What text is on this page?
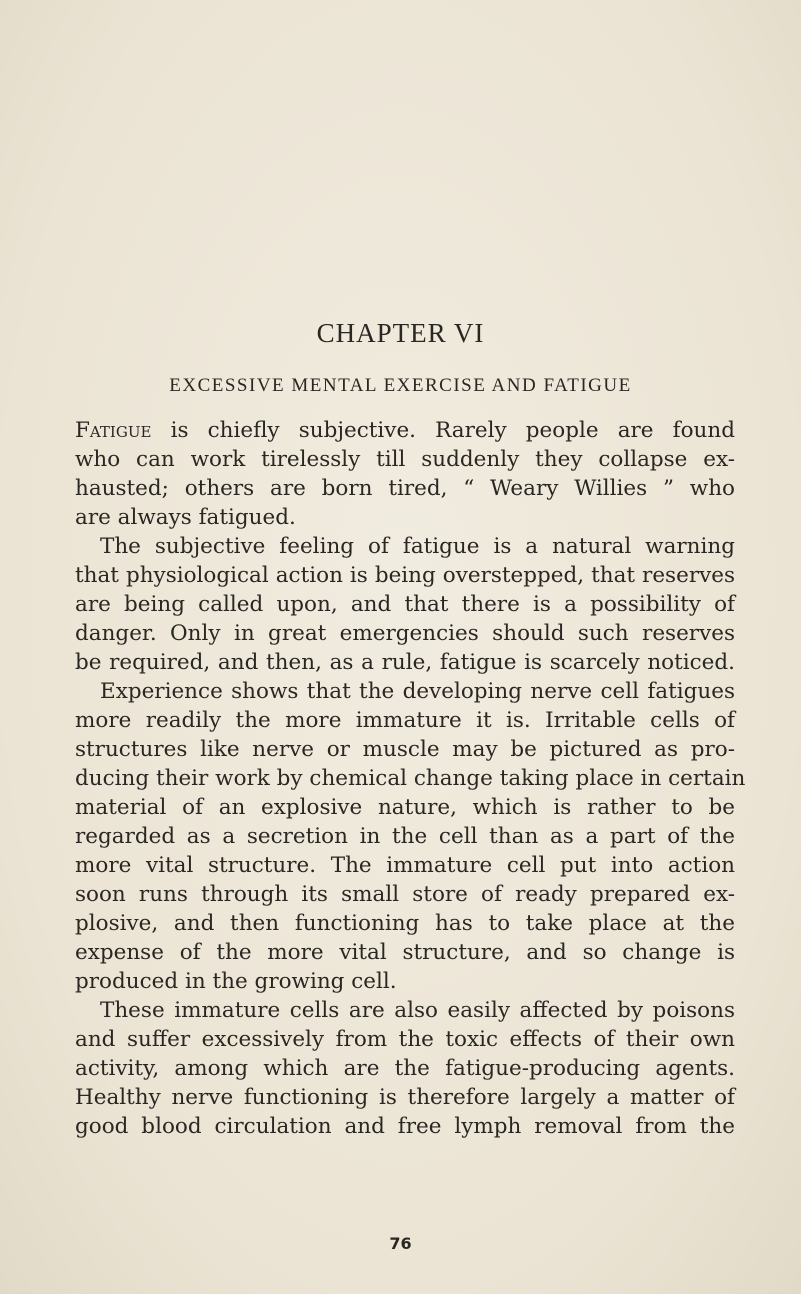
CHAPTER VI
EXCESSIVE MENTAL EXERCISE AND FATIGUE
Fatigue is chiefly subjective. Rarely people are found
who can work tirelessly till suddenly they collapse ex-
hausted; others are born tired, “ Weary Willies ” who
are always fatigued.
The subjective feeling of fatigue is a natural warning
that physiological action is being overstepped, that reserves
are being called upon, and that there is a possibility of
danger. Only in great emergencies should such reserves
be required, and then, as a rule, fatigue is scarcely noticed.
Experience shows that the developing nerve cell fatigues
more readily the more immature it is. Irritable cells of
structures like nerve or muscle may be pictured as pro-
ducing their work by chemical change taking place in certain
material of an explosive nature, which is rather to be
regarded as a secretion in the cell than as a part of the
more vital structure. The immature cell put into action
soon runs through its small store of ready prepared ex-
plosive, and then functioning has to take place at the
expense of the more vital structure, and so change is
produced in the growing cell.
These immature cells are also easily affected by poisons
and suffer excessively from the toxic effects of their own
activity, among which are the fatigue-producing agents.
Healthy nerve functioning is therefore largely a matter of
good blood circulation and free lymph removal from the
76
